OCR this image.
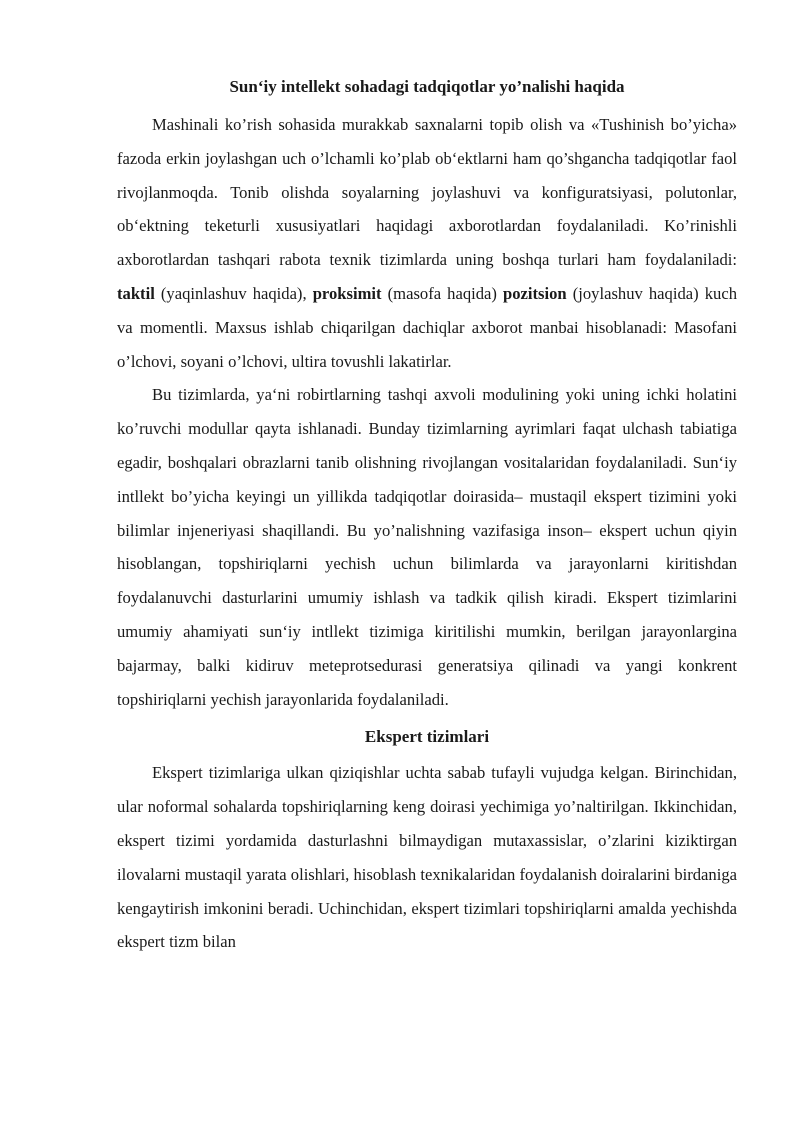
Sun‘iy intellekt sohadagi tadqiqotlar yo’nalishi haqida

Mashinali ko’rish sohasida murakkab saxnalarni topib olish va «Tushinish bo’yicha» fazoda erkin joylashgan uch o’lchamli ko’plab ob‘ektlarni ham qo’shgancha tadqiqotlar faol rivojlanmoqda. Tonib olishda soyalarning joylashuvi va konfiguratsiyasi, polutonlar, ob‘ektning teketurli xususiyatlari haqidagi axborotlardan foydalaniladi. Ko’rinishli axborotlardan tashqari rabota texnik tizimlarda uning boshqa turlari ham foydalaniladi: taktil (yaqinlashuv haqida), proksimit (masofa haqida) pozitsion (joylashuv haqida) kuch va momentli. Maxsus ishlab chiqarilgan dachiqlar axborot manbai hisoblanadi: Masofani o’lchovi, soyani o’lchovi, ultira tovushli lakatirlar.

Bu tizimlarda, ya‘ni robirtlarning tashqi axvoli modulining yoki uning ichki holatini ko’ruvchi modullar qayta ishlanadi. Bunday tizimlarning ayrimlari faqat ulchash tabiatiga egadir, boshqalari obrazlarni tanib olishning rivojlangan vositalaridan foydalaniladi. Sun‘iy intllekt bo’yicha keyingi un yillikda tadqiqotlar doirasida– mustaqil ekspert tizimini yoki bilimlar injeneriyasi shaqillandi. Bu yo’nalishning vazifasiga inson– ekspert uchun qiyin hisoblangan, topshiriqlarni yechish uchun bilimlarda va jarayonlarni kiritishdan foydalanuvchi dasturlarini umumiy ishlash va tadkik qilish kiradi. Ekspert tizimlarini umumiy ahamiyati sun‘iy intllekt tizimiga kiritilishi mumkin, berilgan jarayonlargina bajarmay, balki kidiruv meteprotsedurasi generatsiya qilinadi va yangi konkrent topshiriqlarni yechish jarayonlarida foydalaniladi.

Ekspert tizimlari

Ekspert tizimlariga ulkan qiziqishlar uchta sabab tufayli vujudga kelgan. Birinchidan, ular noformal sohalarda topshiriqlarning keng doirasi yechimiga yo’naltirilgan. Ikkinchidan, ekspert tizimi yordamida dasturlashni bilmaydigan mutaxassislar, o’zlarini kiziktirgan ilovalarni mustaqil yarata olishlari, hisoblash texnikalaridan foydalanish doiralarini birdaniga kengaytirish imkonini beradi. Uchinchidan, ekspert tizimlari topshiriqlarni amalda yechishda ekspert tizm bilan
